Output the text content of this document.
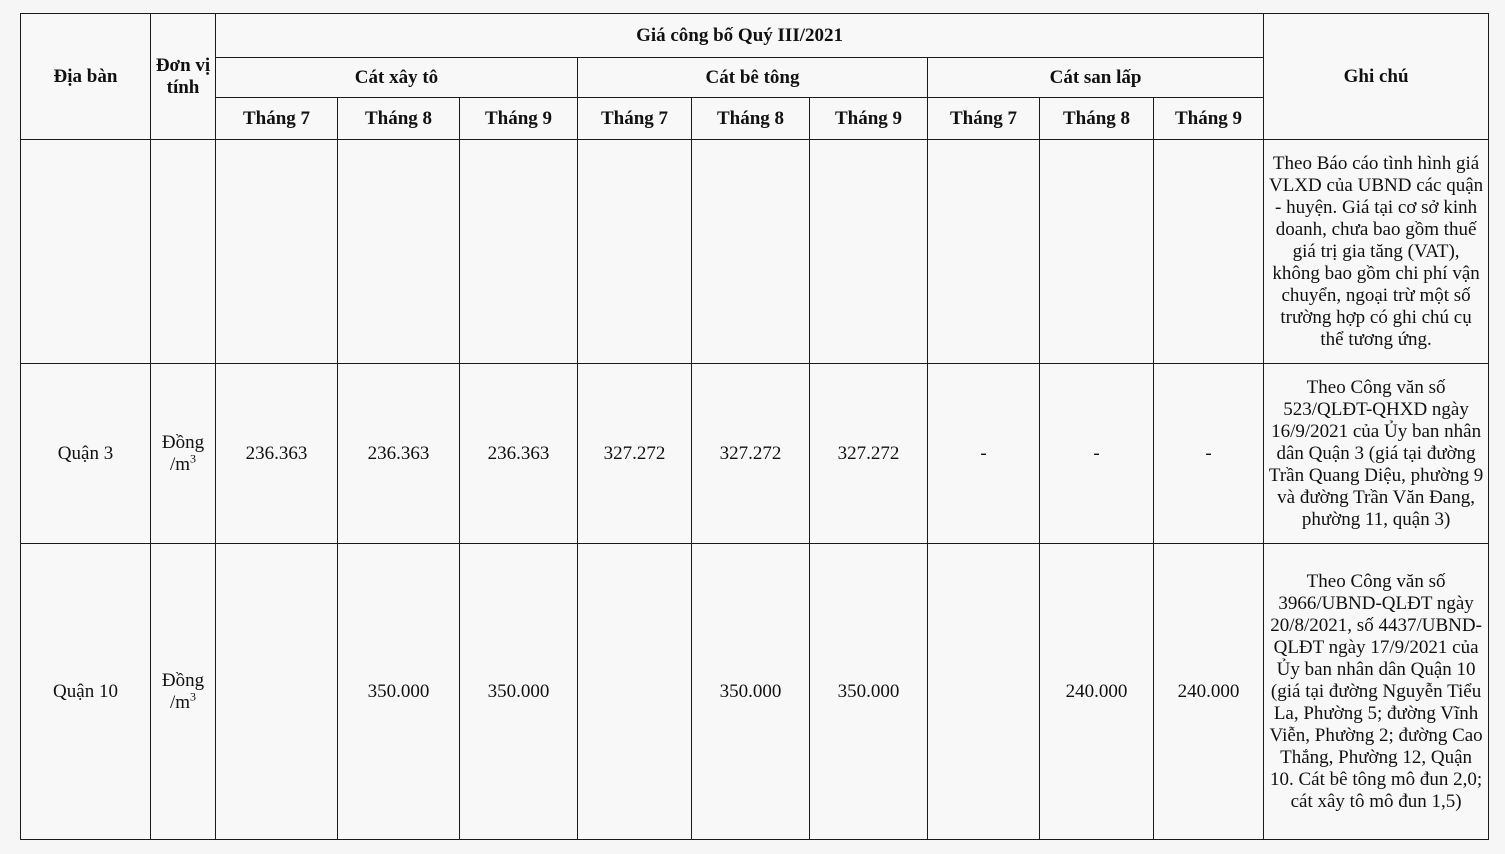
Địa bàn	Đơn vị tính	Giá công bố Quý III/2021									Ghi chú
		Cát xây tô			Cát bê tông			Cát san lấp			
		Tháng 7	Tháng 8	Tháng 9	Tháng 7	Tháng 8	Tháng 9	Tháng 7	Tháng 8	Tháng 9	
											Theo Báo cáo tình hình giá VLXD của UBND các quận - huyện. Giá tại cơ sở kinh doanh, chưa bao gồm thuế giá trị gia tăng (VAT), không bao gồm chi phí vận chuyển, ngoại trừ một số trường hợp có ghi chú cụ thể tương ứng.
Quận 3	Đồng $/m^3$	236.363	236.363	236.363	327.272	327.272	327.272	-	-	-	Theo Công văn số 523/QLĐT-QHXD ngày 16/9/2021 của Ủy ban nhân dân Quận 3 (giá tại đường Trần Quang Diệu, phường 9 và đường Trần Văn Đang, phường 11, quận 3)
Quận 10	Đồng $/m^3$		350.000	350.000		350.000	350.000		240.000	240.000	Theo Công văn số 3966/UBND-QLĐT ngày 20/8/2021, số 4437/UBND-QLĐT ngày 17/9/2021 của Ủy ban nhân dân Quận 10 (giá tại đường Nguyễn Tiểu La, Phường 5; đường Vĩnh Viễn, Phường 2; đường Cao Thắng, Phường 12, Quận 10. Cát bê tông mô đun 2,0; cát xây tô mô đun 1,5)
